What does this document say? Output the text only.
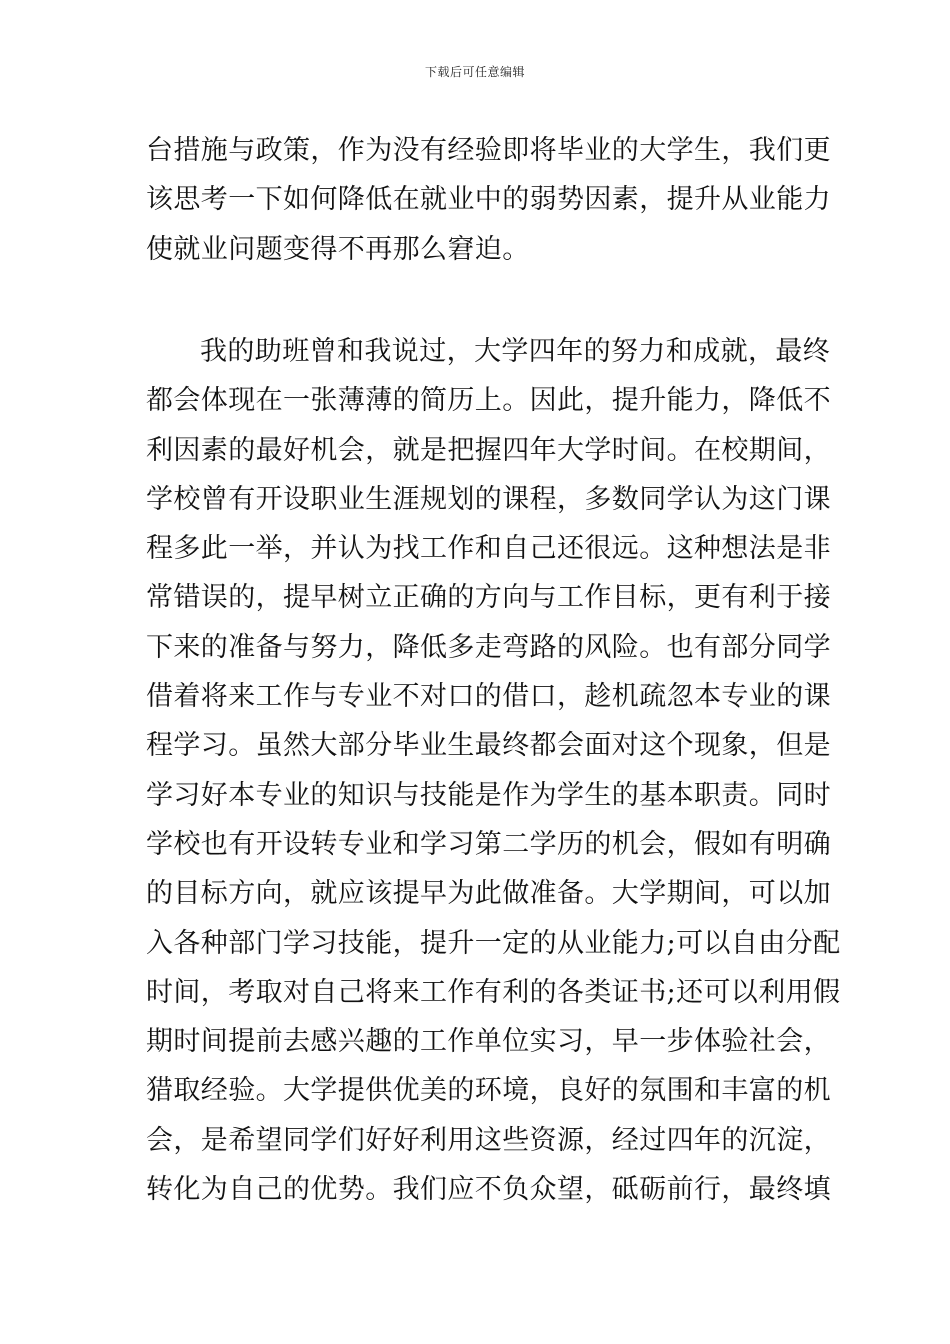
下载后可任意编辑
台措施与政策，作为没有经验即将毕业的大学生，我们更
该思考一下如何降低在就业中的弱势因素，提升从业能力
使就业问题变得不再那么窘迫。
我的助班曾和我说过，大学四年的努力和成就，最终
都会体现在一张薄薄的简历上。因此，提升能力，降低不
利因素的最好机会，就是把握四年大学时间。在校期间，
学校曾有开设职业生涯规划的课程，多数同学认为这门课
程多此一举，并认为找工作和自己还很远。这种想法是非
常错误的，提早树立正确的方向与工作目标，更有利于接
下来的准备与努力，降低多走弯路的风险。也有部分同学
借着将来工作与专业不对口的借口，趁机疏忽本专业的课
程学习。虽然大部分毕业生最终都会面对这个现象，但是
学习好本专业的知识与技能是作为学生的基本职责。同时
学校也有开设转专业和学习第二学历的机会，假如有明确
的目标方向，就应该提早为此做准备。大学期间，可以加
入各种部门学习技能，提升一定的从业能力;可以自由分配
时间，考取对自己将来工作有利的各类证书;还可以利用假
期时间提前去感兴趣的工作单位实习，早一步体验社会，
猎取经验。大学提供优美的环境，良好的氛围和丰富的机
会，是希望同学们好好利用这些资源，经过四年的沉淀，
转化为自己的优势。我们应不负众望，砥砺前行，最终填
